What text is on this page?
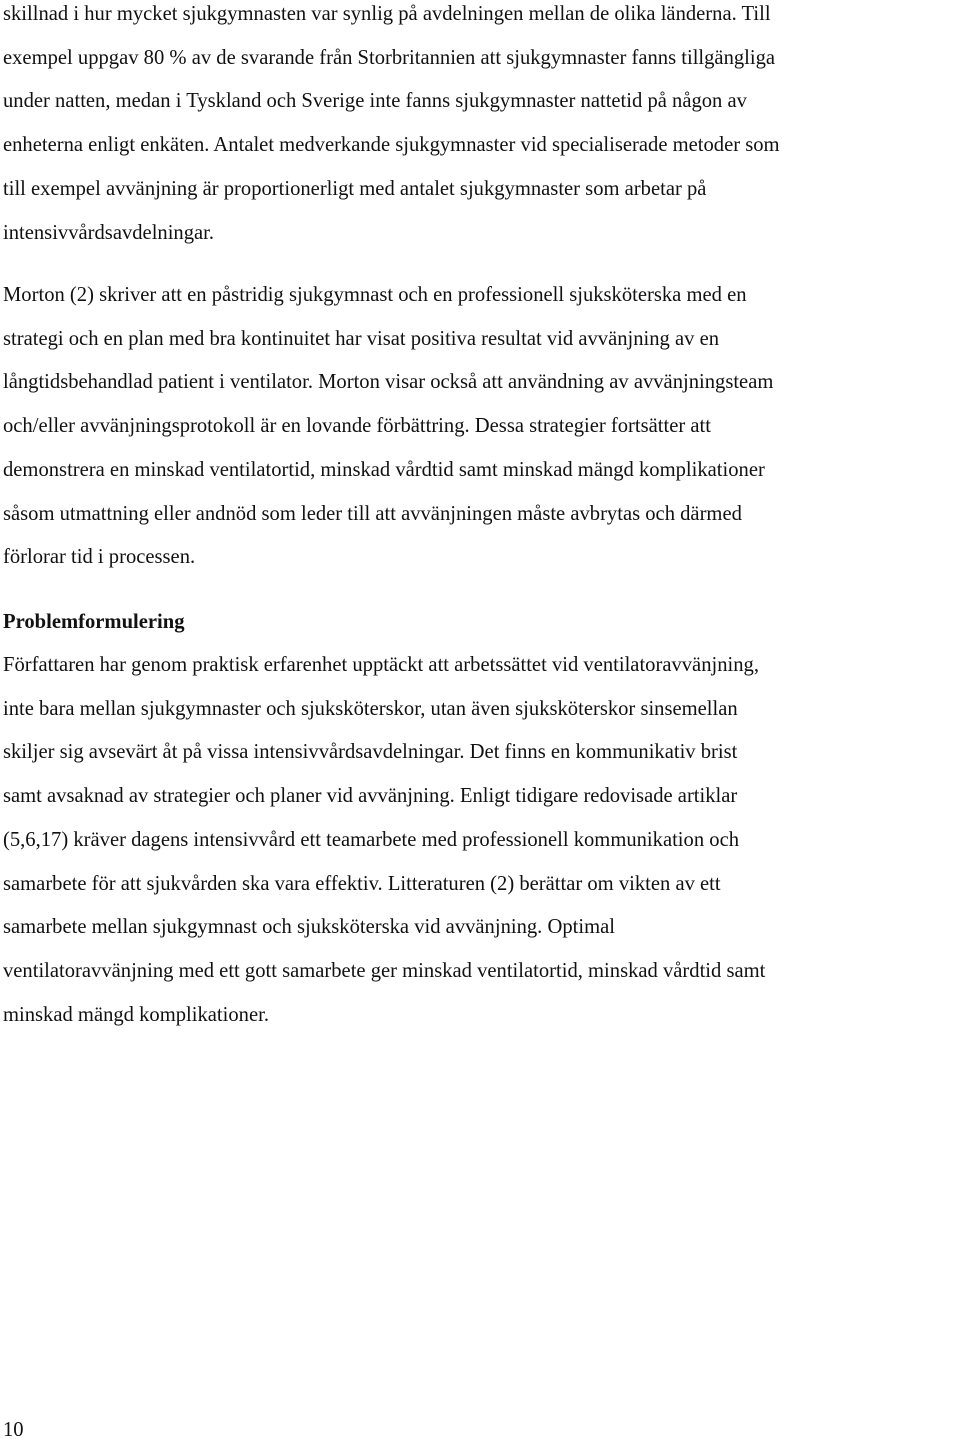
skillnad i hur mycket sjukgymnasten var synlig på avdelningen mellan de olika länderna. Till
exempel uppgav 80 % av de svarande från Storbritannien att sjukgymnaster fanns tillgängliga
under natten, medan i Tyskland och Sverige inte fanns sjukgymnaster nattetid på någon av
enheterna enligt enkäten. Antalet medverkande sjukgymnaster vid specialiserade metoder som
till exempel avvänjning är proportionerligt med antalet sjukgymnaster som arbetar på
intensivvårdsavdelningar.
Morton (2) skriver att en påstridig sjukgymnast och en professionell sjuksköterska med en
strategi och en plan med bra kontinuitet har visat positiva resultat vid avvänjning av en
långtidsbehandlad patient i ventilator. Morton visar också att användning av avvänjningsteam
och/eller avvänjningsprotokoll är en lovande förbättring. Dessa strategier fortsätter att
demonstrera en minskad ventilatortid, minskad vårdtid samt minskad mängd komplikationer
såsom utmattning eller andnöd som leder till att avvänjningen måste avbrytas och därmed
förlorar tid i processen.
Problemformulering
Författaren har genom praktisk erfarenhet upptäckt att arbetssättet vid ventilatoravvänjning,
inte bara mellan sjukgymnaster och sjuksköterskor, utan även sjuksköterskor sinsemellan
skiljer sig avsevärt åt på vissa intensivvårdsavdelningar. Det finns en kommunikativ brist
samt avsaknad av strategier och planer vid avvänjning. Enligt tidigare redovisade artiklar
(5,6,17) kräver dagens intensivvård ett teamarbete med professionell kommunikation och
samarbete för att sjukvården ska vara effektiv. Litteraturen (2) berättar om vikten av ett
samarbete mellan sjukgymnast och sjuksköterska vid avvänjning. Optimal
ventilatoravvänjning med ett gott samarbete ger minskad ventilatortid, minskad vårdtid samt
minskad mängd komplikationer.
10
